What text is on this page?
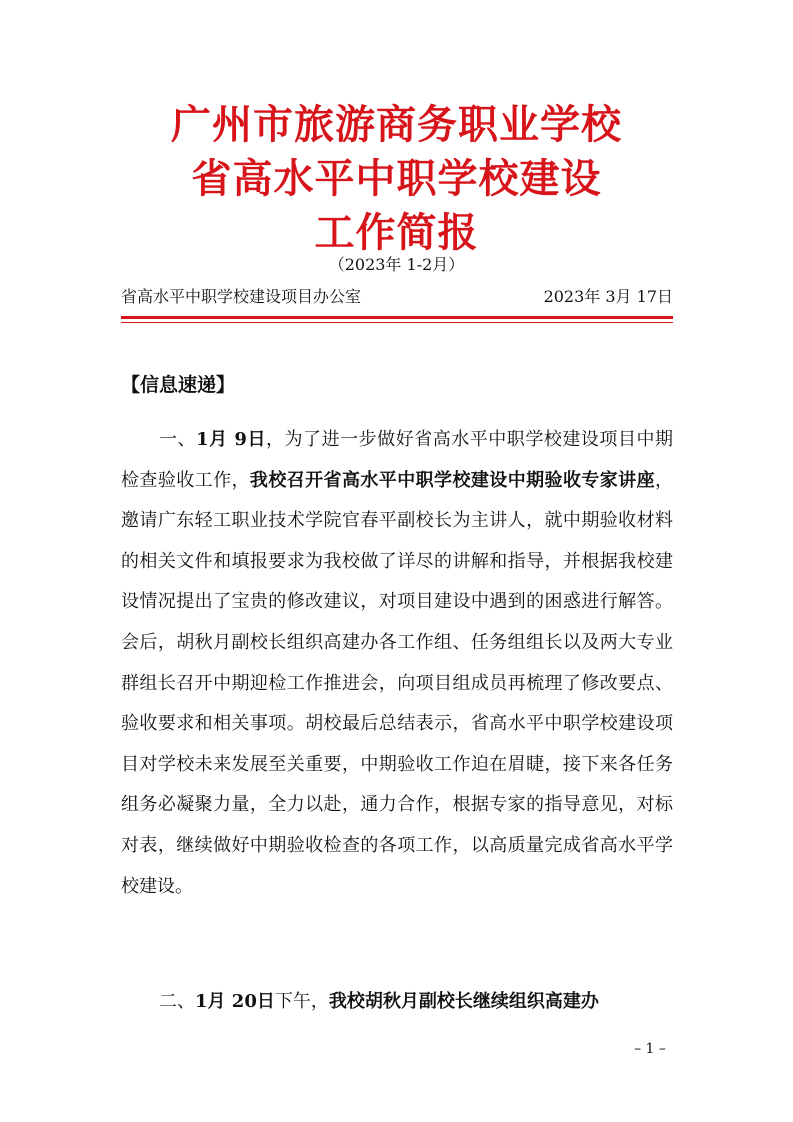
广州市旅游商务职业学校
省高水平中职学校建设
工作简报
（2023年 1-2月）
省高水平中职学校建设项目办公室	2023年 3月 17日
【信息速递】

一、1月 9日，为了进一步做好省高水平中职学校建设项目中期检查验收工作，我校召开省高水平中职学校建设中期验收专家讲座，邀请广东轻工职业技术学院官春平副校长为主讲人，就中期验收材料的相关文件和填报要求为我校做了详尽的讲解和指导，并根据我校建设情况提出了宝贵的修改建议，对项目建设中遇到的困惑进行解答。会后，胡秋月副校长组织高建办各工作组、任务组组长以及两大专业群组长召开中期迎检工作推进会，向项目组成员再梳理了修改要点、验收要求和相关事项。胡校最后总结表示，省高水平中职学校建设项目对学校未来发展至关重要，中期验收工作迫在眉睫，接下来各任务组务必凝聚力量，全力以赴，通力合作，根据专家的指导意见，对标对表，继续做好中期验收检查的各项工作，以高质量完成省高水平学校建设。

二、1月 20日下午，我校胡秋月副校长继续组织高建办

– 1 –
